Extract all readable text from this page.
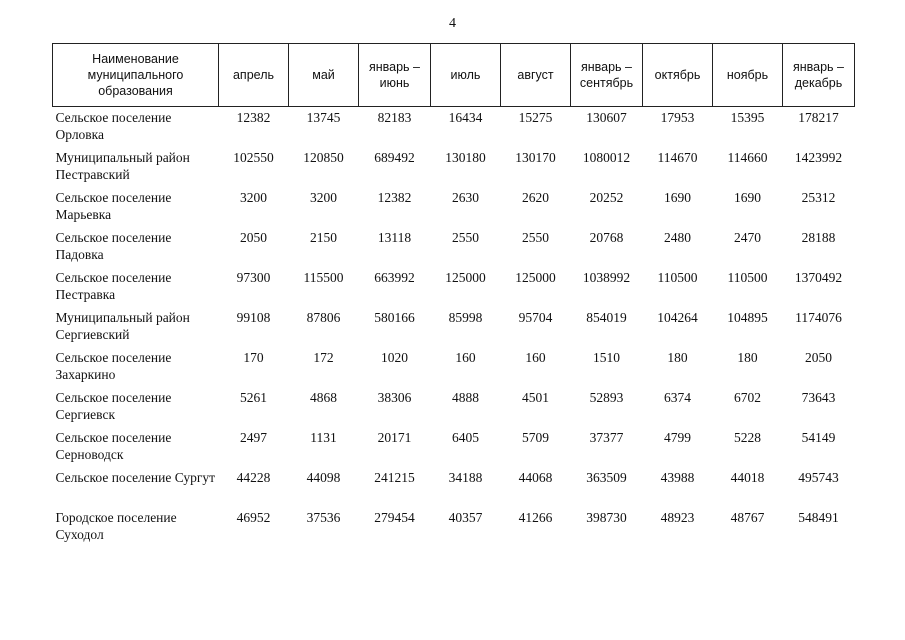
4
Наименование муниципального образования	апрель	май	январь – июнь	июль	август	январь – сентябрь	октябрь	ноябрь	январь – декабрь
Сельское поселение Орловка	12382	13745	82183	16434	15275	130607	17953	15395	178217
Муниципальный район Пестравский	102550	120850	689492	130180	130170	1080012	114670	114660	1423992
Сельское поселение Марьевка	3200	3200	12382	2630	2620	20252	1690	1690	25312
Сельское поселение Падовка	2050	2150	13118	2550	2550	20768	2480	2470	28188
Сельское поселение Пестравка	97300	115500	663992	125000	125000	1038992	110500	110500	1370492
Муниципальный район Сергиевский	99108	87806	580166	85998	95704	854019	104264	104895	1174076
Сельское поселение Захаркино	170	172	1020	160	160	1510	180	180	2050
Сельское поселение Сергиевск	5261	4868	38306	4888	4501	52893	6374	6702	73643
Сельское поселение Серноводск	2497	1131	20171	6405	5709	37377	4799	5228	54149
Сельское поселение Сургут	44228	44098	241215	34188	44068	363509	43988	44018	495743
Городское поселение Суходол	46952	37536	279454	40357	41266	398730	48923	48767	548491
